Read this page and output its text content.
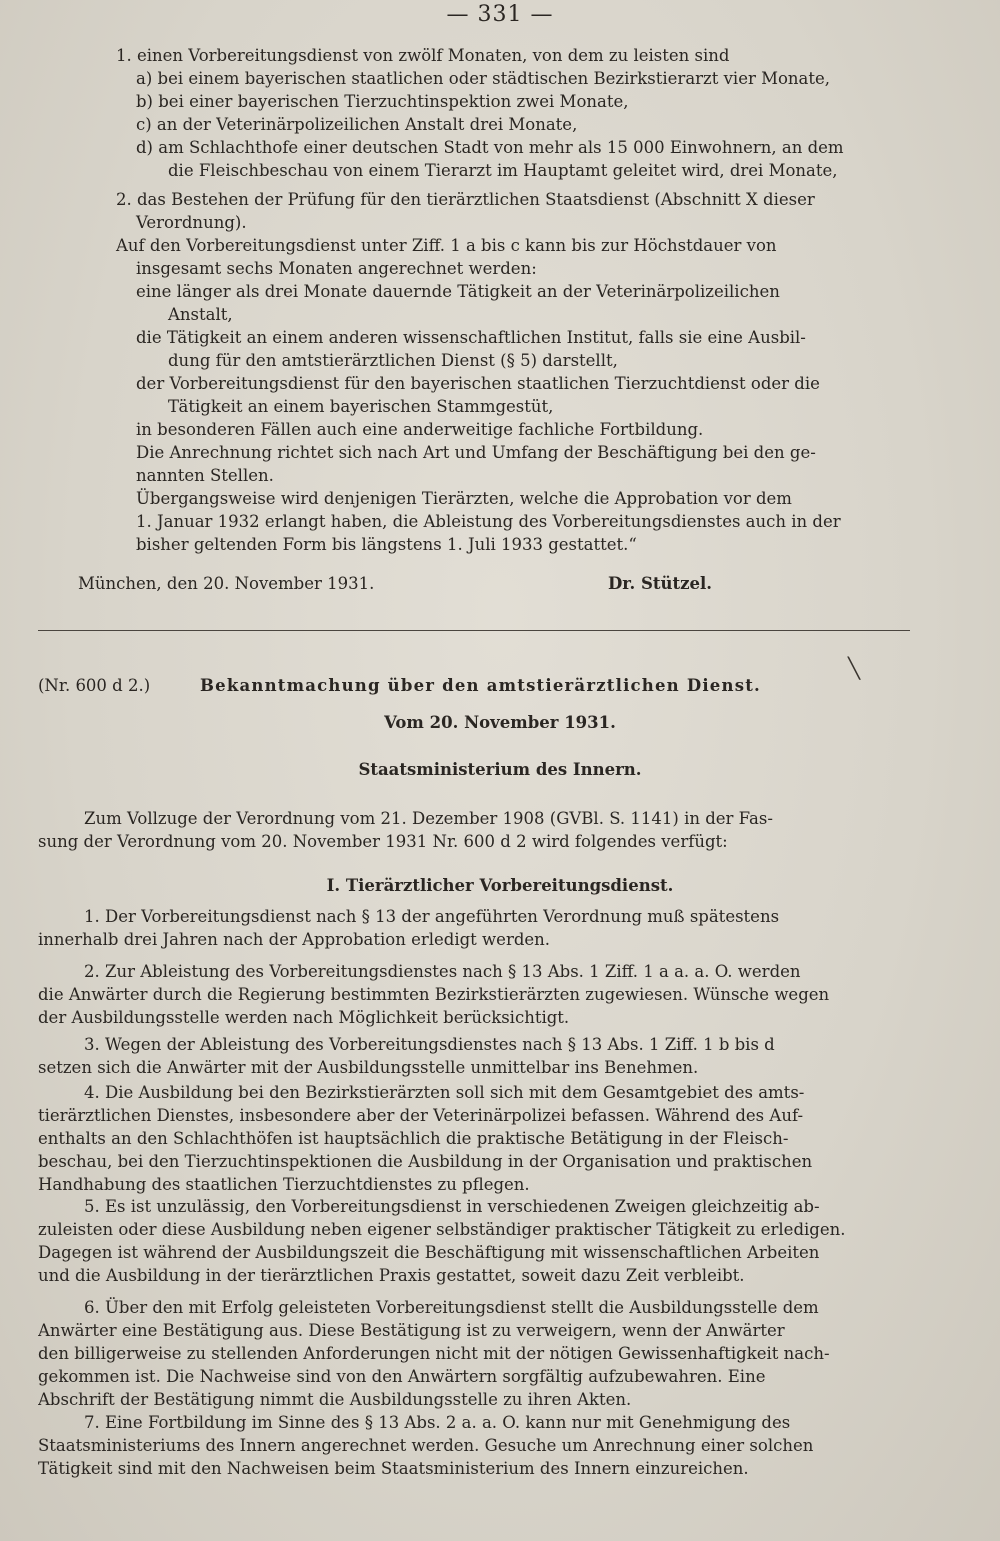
— 331 —
1. einen Vorbereitungsdienst von zwölf Monaten, von dem zu leisten sind
a) bei einem bayerischen staatlichen oder städtischen Bezirkstierarzt vier Monate,
b) bei einer bayerischen Tierzuchtinspektion zwei Monate,
c) an der Veterinärpolizeilichen Anstalt drei Monate,
d) am Schlachthofe einer deutschen Stadt von mehr als 15 000 Einwohnern, an dem
die Fleischbeschau von einem Tierarzt im Hauptamt geleitet wird, drei Monate,
2. das Bestehen der Prüfung für den tierärztlichen Staatsdienst (Abschnitt X dieser
Verordnung).
Auf den Vorbereitungsdienst unter Ziff. 1 a bis c kann bis zur Höchstdauer von
insgesamt sechs Monaten angerechnet werden:
eine länger als drei Monate dauernde Tätigkeit an der Veterinärpolizeilichen
Anstalt,
die Tätigkeit an einem anderen wissenschaftlichen Institut, falls sie eine Ausbil-
dung für den amtstierärztlichen Dienst (§ 5) darstellt,
der Vorbereitungsdienst für den bayerischen staatlichen Tierzuchtdienst oder die
Tätigkeit an einem bayerischen Stammgestüt,
in besonderen Fällen auch eine anderweitige fachliche Fortbildung.
Die Anrechnung richtet sich nach Art und Umfang der Beschäftigung bei den ge-
nannten Stellen.
Übergangsweise wird denjenigen Tierärzten, welche die Approbation vor dem
1. Januar 1932 erlangt haben, die Ableistung des Vorbereitungsdienstes auch in der
bisher geltenden Form bis längstens 1. Juli 1933 gestattet.“
München, den 20. November 1931.	Dr. Stützel.
╲
(Nr. 600 d 2.)	Bekanntmachung über den amtstierärztlichen Dienst.
Vom 20. November 1931.
Staatsministerium des Innern.
Zum Vollzuge der Verordnung vom 21. Dezember 1908 (GVBl. S. 1141) in der Fas-
sung der Verordnung vom 20. November 1931 Nr. 600 d 2 wird folgendes verfügt:
I. Tierärztlicher Vorbereitungsdienst.
1. Der Vorbereitungsdienst nach § 13 der angeführten Verordnung muß spätestens
innerhalb drei Jahren nach der Approbation erledigt werden.
2. Zur Ableistung des Vorbereitungsdienstes nach § 13 Abs. 1 Ziff. 1 a a. a. O. werden
die Anwärter durch die Regierung bestimmten Bezirkstierärzten zugewiesen. Wünsche wegen
der Ausbildungsstelle werden nach Möglichkeit berücksichtigt.
3. Wegen der Ableistung des Vorbereitungsdienstes nach § 13 Abs. 1 Ziff. 1 b bis d
setzen sich die Anwärter mit der Ausbildungsstelle unmittelbar ins Benehmen.
4. Die Ausbildung bei den Bezirkstierärzten soll sich mit dem Gesamtgebiet des amts-
tierärztlichen Dienstes, insbesondere aber der Veterinärpolizei befassen. Während des Auf-
enthalts an den Schlachthöfen ist hauptsächlich die praktische Betätigung in der Fleisch-
beschau, bei den Tierzuchtinspektionen die Ausbildung in der Organisation und praktischen
Handhabung des staatlichen Tierzuchtdienstes zu pflegen.
5. Es ist unzulässig, den Vorbereitungsdienst in verschiedenen Zweigen gleichzeitig ab-
zuleisten oder diese Ausbildung neben eigener selbständiger praktischer Tätigkeit zu erledigen.
Dagegen ist während der Ausbildungszeit die Beschäftigung mit wissenschaftlichen Arbeiten
und die Ausbildung in der tierärztlichen Praxis gestattet, soweit dazu Zeit verbleibt.
6. Über den mit Erfolg geleisteten Vorbereitungsdienst stellt die Ausbildungsstelle dem
Anwärter eine Bestätigung aus. Diese Bestätigung ist zu verweigern, wenn der Anwärter
den billigerweise zu stellenden Anforderungen nicht mit der nötigen Gewissenhaftigkeit nach-
gekommen ist. Die Nachweise sind von den Anwärtern sorgfältig aufzubewahren. Eine
Abschrift der Bestätigung nimmt die Ausbildungsstelle zu ihren Akten.
7. Eine Fortbildung im Sinne des § 13 Abs. 2 a. a. O. kann nur mit Genehmigung des
Staatsministeriums des Innern angerechnet werden. Gesuche um Anrechnung einer solchen
Tätigkeit sind mit den Nachweisen beim Staatsministerium des Innern einzureichen.
